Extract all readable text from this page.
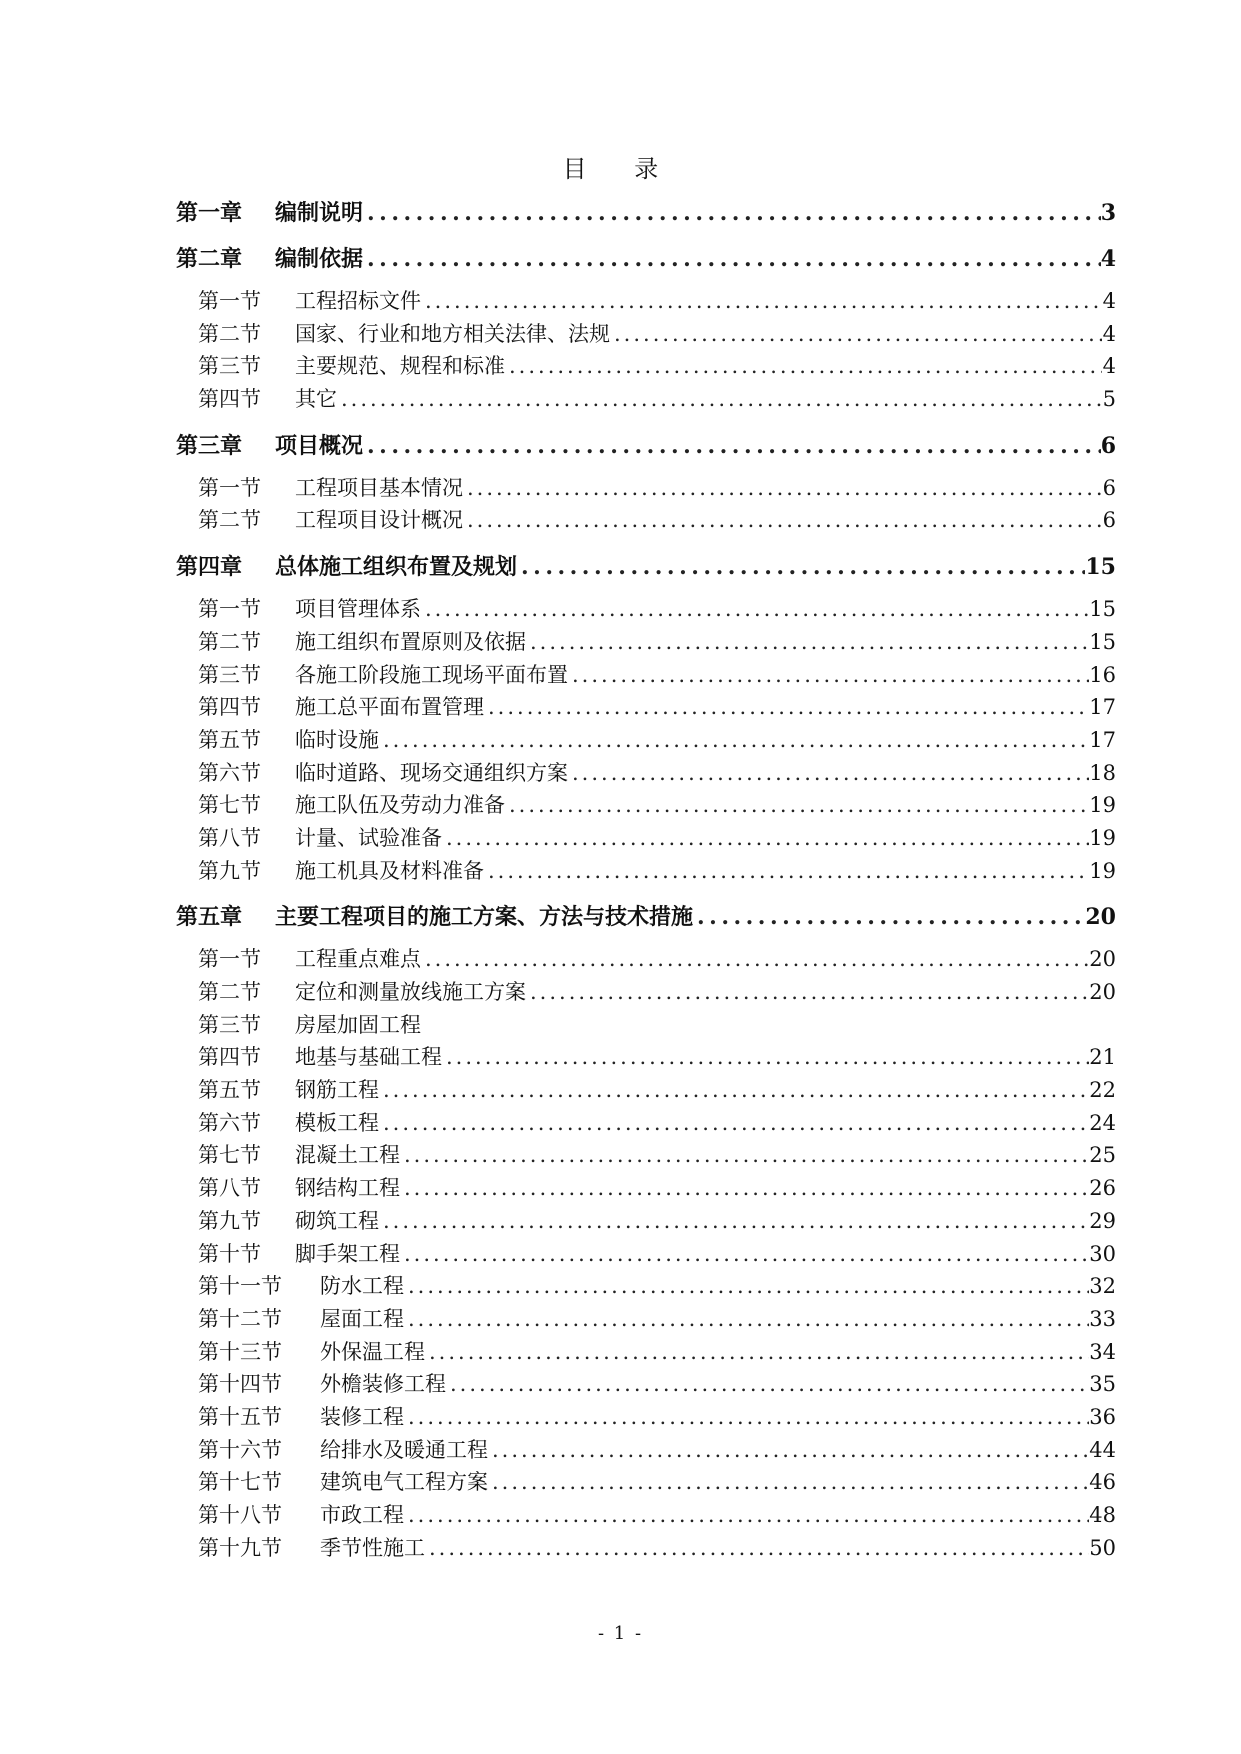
目 录
第一章	编制说明 .....	3
第二章	编制依据 .....	4
第一节	工程招标文件 .....	4
第二节	国家、行业和地方相关法律、法规 .....	4
第三节	主要规范、规程和标准 .....	4
第四节	其它 .....	5
第三章	项目概况 .....	6
第一节	工程项目基本情况 .....	6
第二节	工程项目设计概况 .....	6
第四章	总体施工组织布置及规划 .....	15
第一节	项目管理体系 .....	15
第二节	施工组织布置原则及依据 .....	15
第三节	各施工阶段施工现场平面布置 .....	16
第四节	施工总平面布置管理 .....	17
第五节	临时设施 .....	17
第六节	临时道路、现场交通组织方案 .....	18
第七节	施工队伍及劳动力准备 .....	19
第八节	计量、试验准备 .....	19
第九节	施工机具及材料准备 .....	19
第五章	主要工程项目的施工方案、方法与技术措施 .....	20
第一节	工程重点难点 .....	20
第二节	定位和测量放线施工方案 .....	20
第三节	房屋加固工程
第四节	地基与基础工程 .....	21
第五节	钢筋工程 .....	22
第六节	模板工程 .....	24
第七节	混凝土工程 .....	25
第八节	钢结构工程 .....	26
第九节	砌筑工程 .....	29
第十节	脚手架工程 .....	30
第十一节	防水工程 .....	32
第十二节	屋面工程 .....	33
第十三节	外保温工程 .....	34
第十四节	外檐装修工程 .....	35
第十五节	装修工程 .....	36
第十六节	给排水及暖通工程 .....	44
第十七节	建筑电气工程方案 .....	46
第十八节	市政工程 .....	48
第十九节	季节性施工 .....	50
- 1 -
